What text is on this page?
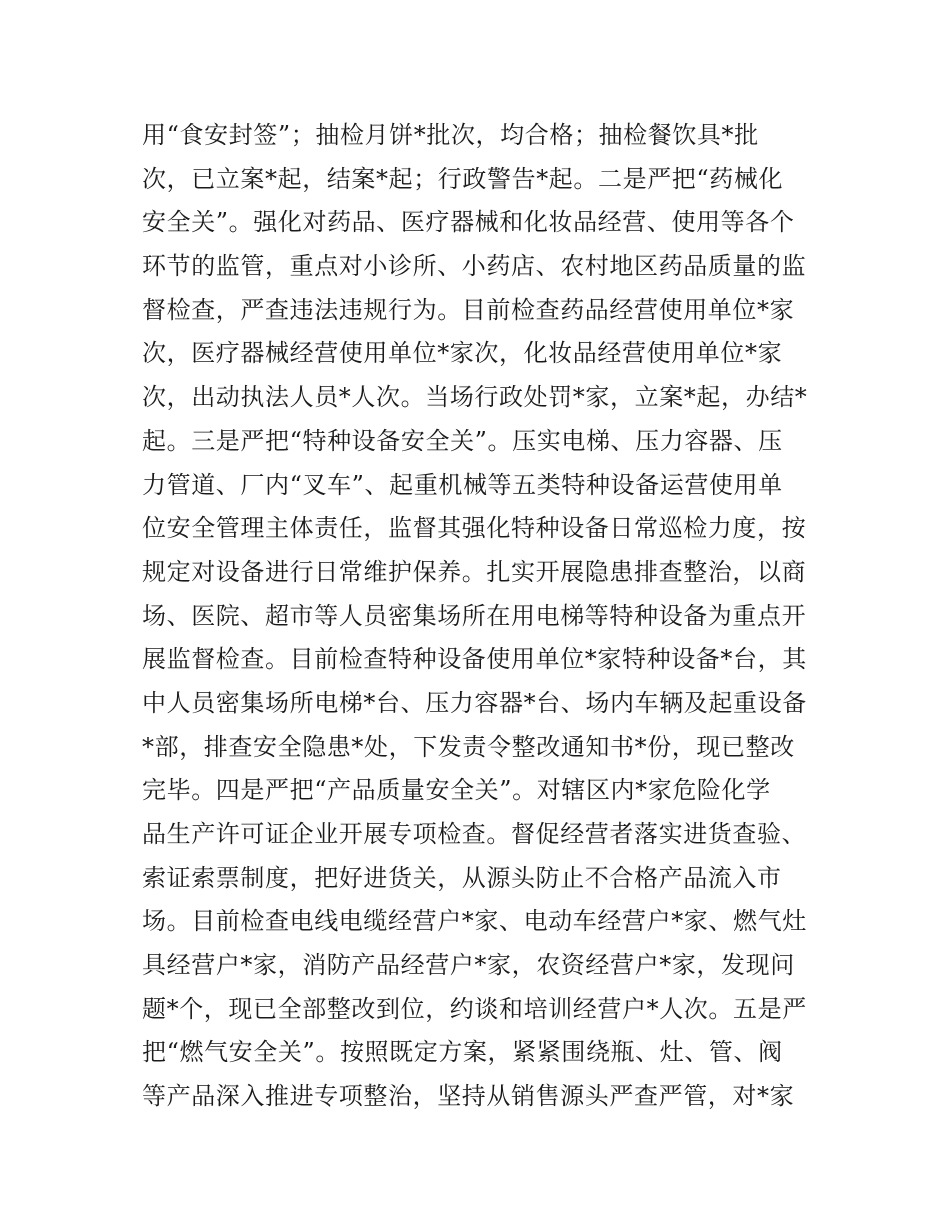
用“食安封签”；抽检月饼*批次，均合格；抽检餐饮具*批
次，已立案*起，结案*起；行政警告*起。二是严把“药械化
安全关”。强化对药品、医疗器械和化妆品经营、使用等各个
环节的监管，重点对小诊所、小药店、农村地区药品质量的监
督检查，严查违法违规行为。目前检查药品经营使用单位*家
次，医疗器械经营使用单位*家次，化妆品经营使用单位*家
次，出动执法人员*人次。当场行政处罚*家，立案*起，办结*
起。三是严把“特种设备安全关”。压实电梯、压力容器、压
力管道、厂内“叉车”、起重机械等五类特种设备运营使用单
位安全管理主体责任，监督其强化特种设备日常巡检力度，按
规定对设备进行日常维护保养。扎实开展隐患排查整治，以商
场、医院、超市等人员密集场所在用电梯等特种设备为重点开
展监督检查。目前检查特种设备使用单位*家特种设备*台，其
中人员密集场所电梯*台、压力容器*台、场内车辆及起重设备
*部，排查安全隐患*处，下发责令整改通知书*份，现已整改
完毕。四是严把“产品质量安全关”。对辖区内*家危险化学
品生产许可证企业开展专项检查。督促经营者落实进货查验、
索证索票制度，把好进货关，从源头防止不合格产品流入市
场。目前检查电线电缆经营户*家、电动车经营户*家、燃气灶
具经营户*家，消防产品经营户*家，农资经营户*家，发现问
题*个，现已全部整改到位，约谈和培训经营户*人次。五是严
把“燃气安全关”。按照既定方案，紧紧围绕瓶、灶、管、阀
等产品深入推进专项整治，坚持从销售源头严查严管，对*家
